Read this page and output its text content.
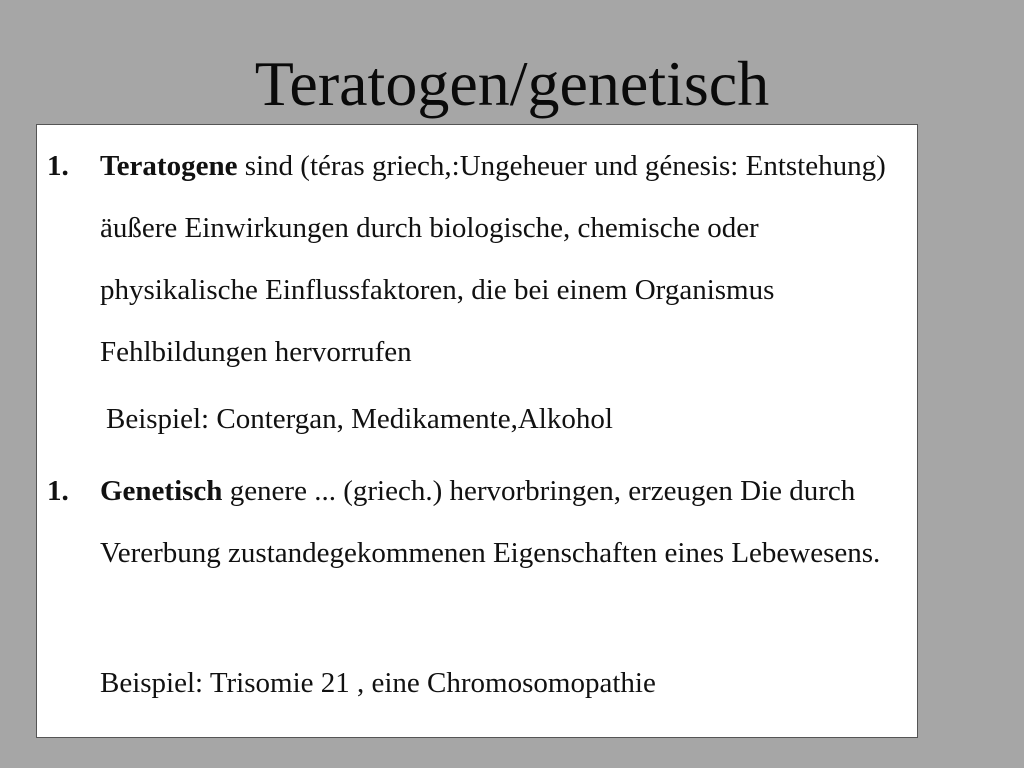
Teratogen/genetisch
1. Teratogene sind (téras griech,:Ungeheuer und génesis: Entstehung) äußere Einwirkungen durch biologische, chemische oder physikalische Einflussfaktoren, die bei einem Organismus Fehlbildungen hervorrufen
Beispiel: Contergan, Medikamente,Alkohol
1. Genetisch genere ... (griech.) hervorbringen, erzeugen Die durch Vererbung zustandegekommenen Eigenschaften eines Lebewesens.
Beispiel: Trisomie 21 , eine Chromosomopathie
